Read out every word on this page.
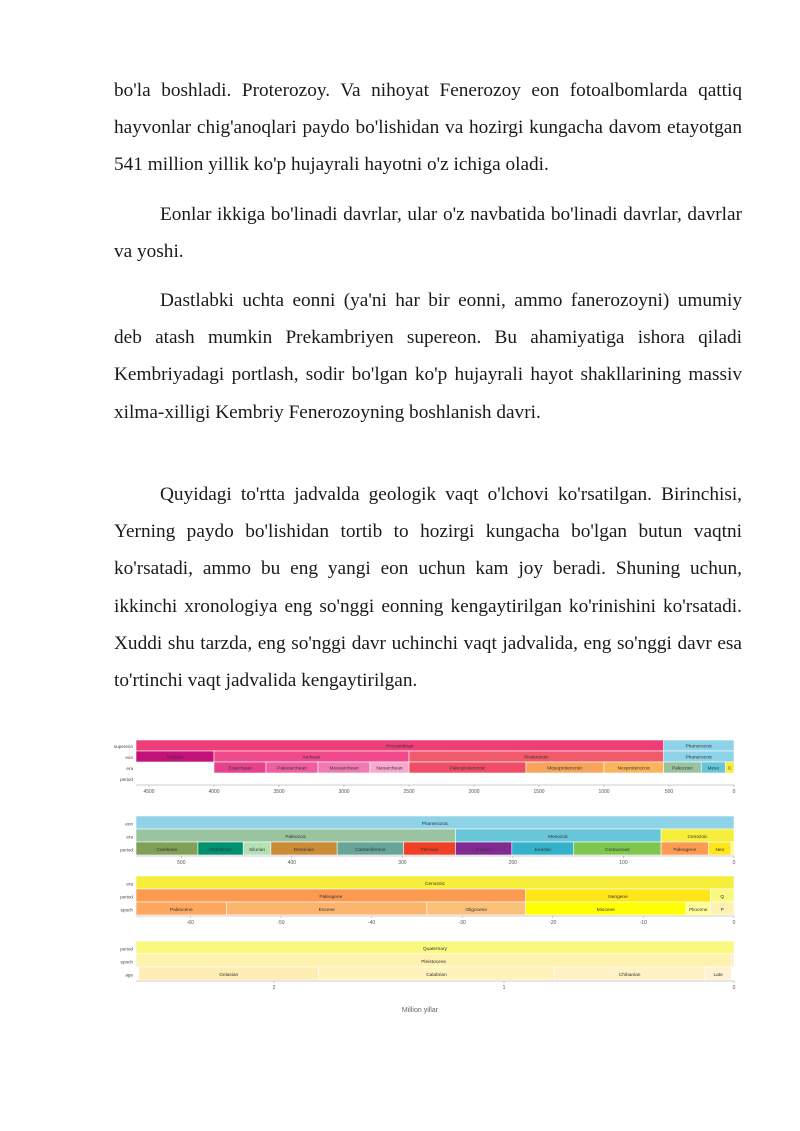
bo'la boshladi. Proterozoy. Va nihoyat Fenerozoy eon fotoalbomlarda qattiq hayvonlar chig'anoqlari paydo bo'lishidan va hozirgi kungacha davom etayotgan 541 million yillik ko'p hujayrali hayotni o'z ichiga oladi.

Eonlar ikkiga bo'linadi davrlar, ular o'z navbatida bo'linadi davrlar, davrlar va yoshi.

Dastlabki uchta eonni (ya'ni har bir eonni, ammo fanerozoyni) umumiy deb atash mumkin Prekambriyen supereon. Bu ahamiyatiga ishora qiladi Kembriyadagi portlash, sodir bo'lgan ko'p hujayrali hayot shakllarining massiv xilma-xilligi Kembriy Fenerozoyning boshlanish davri.

Quyidagi to'rtta jadvalda geologik vaqt o'lchovi ko'rsatilgan. Birinchisi, Yerning paydo bo'lishidan tortib to hozirgi kungacha bo'lgan butun vaqtni ko'rsatadi, ammo bu eng yangi eon uchun kam joy beradi. Shuning uchun, ikkinchi xronologiya eng so'nggi eonning kengaytirilgan ko'rinishini ko'rsatadi. Xuddi shu tarzda, eng so'nggi davr uchinchi vaqt jadvalida, eng so'nggi davr esa to'rtinchi vaqt jadvalida kengaytirilgan.

supereon
eon
era
period
Precambrian	Phanerozoic
Hadean	Archean	Proterozoic	Phanerozoic
Eoarchean	Paleoarchean	Mesoarchean	Neoarchean	Paleoproterozoic	Mesoproterozoic	Neoproterozoic	Paleozoic	Meso C
4500	4000	3500	3000	2500	2000	1500	1000	500	0
eon
era
period
Phanerozoic
Paleozoic	Mesozoic	Cenozoic
Cambrian	Ordovician	Silurian	Devonian	Carboniferous	Permian	Triassic	Jurassic	Cretaceous	Paleogene	Neo
500	400	300	200	100	0
era
period
epoch
Cenozoic
Paleogene	Neogene	Q
Paleocene	Eocene	Oligocene	Miocene	Pliocene	P
-60	-50	-40	-30	-20	-10	0
period
epoch
age
Quaternary
Pleistocene
Gelasian	Calabrian	Chibanian	Late
2	1	0
Million yillar
